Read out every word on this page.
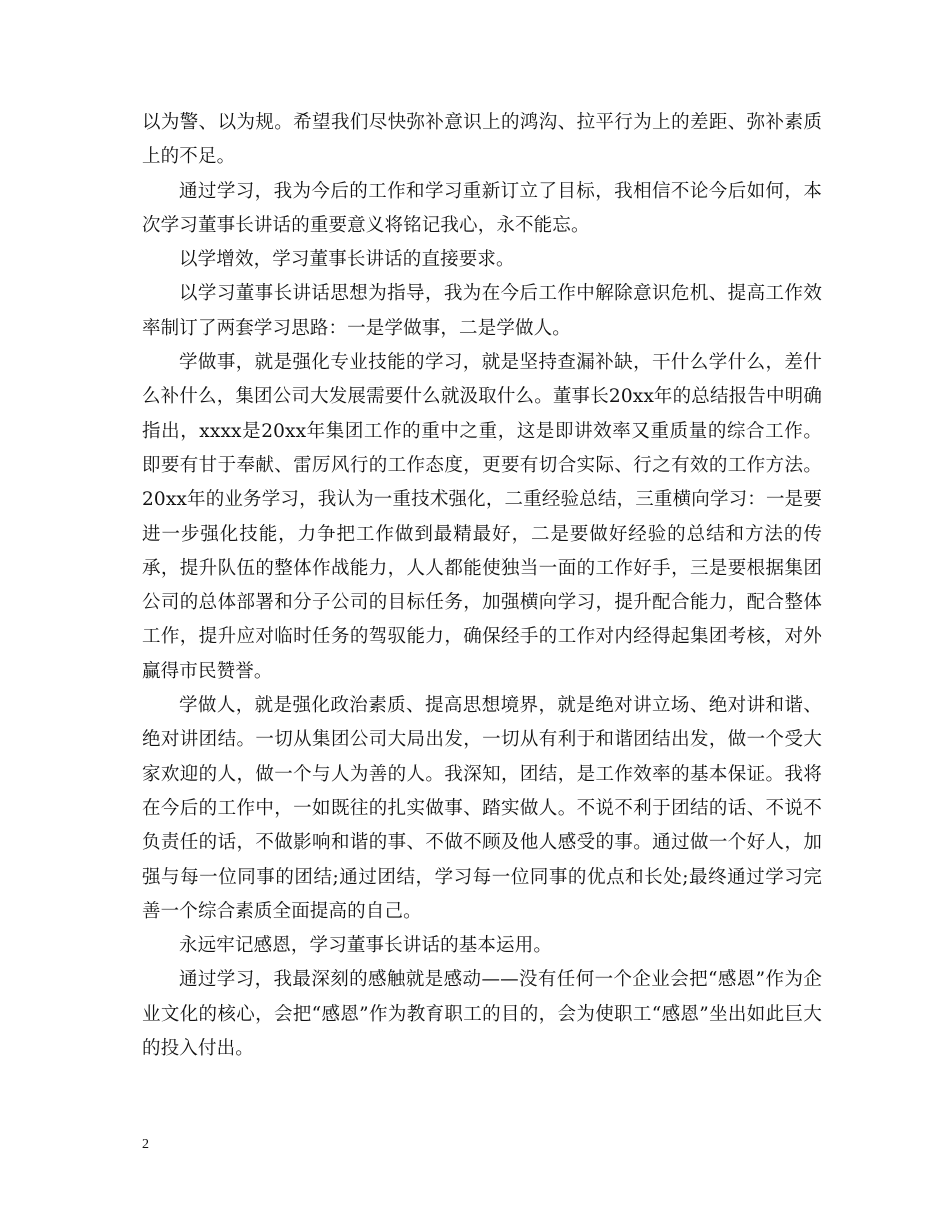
以为警、以为规。希望我们尽快弥补意识上的鸿沟、拉平行为上的差距、弥补素质上的不足。

通过学习，我为今后的工作和学习重新订立了目标，我相信不论今后如何，本次学习董事长讲话的重要意义将铭记我心，永不能忘。

以学增效，学习董事长讲话的直接要求。

以学习董事长讲话思想为指导，我为在今后工作中解除意识危机、提高工作效率制订了两套学习思路：一是学做事，二是学做人。

学做事，就是强化专业技能的学习，就是坚持查漏补缺，干什么学什么，差什么补什么，集团公司大发展需要什么就汲取什么。董事长20xx年的总结报告中明确指出，xxxx是20xx年集团工作的重中之重，这是即讲效率又重质量的综合工作。即要有甘于奉献、雷厉风行的工作态度，更要有切合实际、行之有效的工作方法。20xx年的业务学习，我认为一重技术强化，二重经验总结，三重横向学习：一是要进一步强化技能，力争把工作做到最精最好，二是要做好经验的总结和方法的传承，提升队伍的整体作战能力，人人都能使独当一面的工作好手，三是要根据集团公司的总体部署和分子公司的目标任务，加强横向学习，提升配合能力，配合整体工作，提升应对临时任务的驾驭能力，确保经手的工作对内经得起集团考核，对外赢得市民赞誉。

学做人，就是强化政治素质、提高思想境界，就是绝对讲立场、绝对讲和谐、绝对讲团结。一切从集团公司大局出发，一切从有利于和谐团结出发，做一个受大家欢迎的人，做一个与人为善的人。我深知，团结，是工作效率的基本保证。我将在今后的工作中，一如既往的扎实做事、踏实做人。不说不利于团结的话、不说不负责任的话，不做影响和谐的事、不做不顾及他人感受的事。通过做一个好人，加强与每一位同事的团结;通过团结，学习每一位同事的优点和长处;最终通过学习完善一个综合素质全面提高的自己。

永远牢记感恩，学习董事长讲话的基本运用。

通过学习，我最深刻的感触就是感动——没有任何一个企业会把“感恩”作为企业文化的核心，会把“感恩”作为教育职工的目的，会为使职工“感恩”坐出如此巨大的投入付出。

2
